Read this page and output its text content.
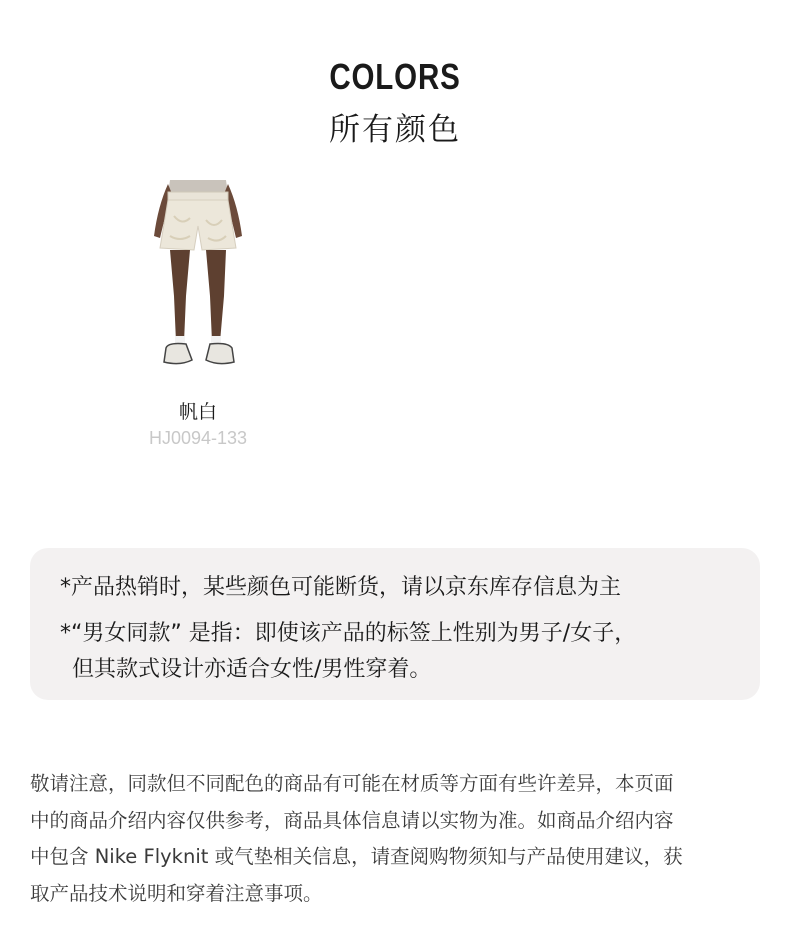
COLORS
所有颜色
帆白
HJ0094-133
*产品热销时，某些颜色可能断货，请以京东库存信息为主
*“男女同款” 是指：即使该产品的标签上性别为男子/女子，
但其款式设计亦适合女性/男性穿着。
敬请注意，同款但不同配色的商品有可能在材质等方面有些许差异，本页面
中的商品介绍内容仅供参考，商品具体信息请以实物为准。如商品介绍内容
中包含 Nike Flyknit 或气垫相关信息，请查阅购物须知与产品使用建议，获
取产品技术说明和穿着注意事项。
